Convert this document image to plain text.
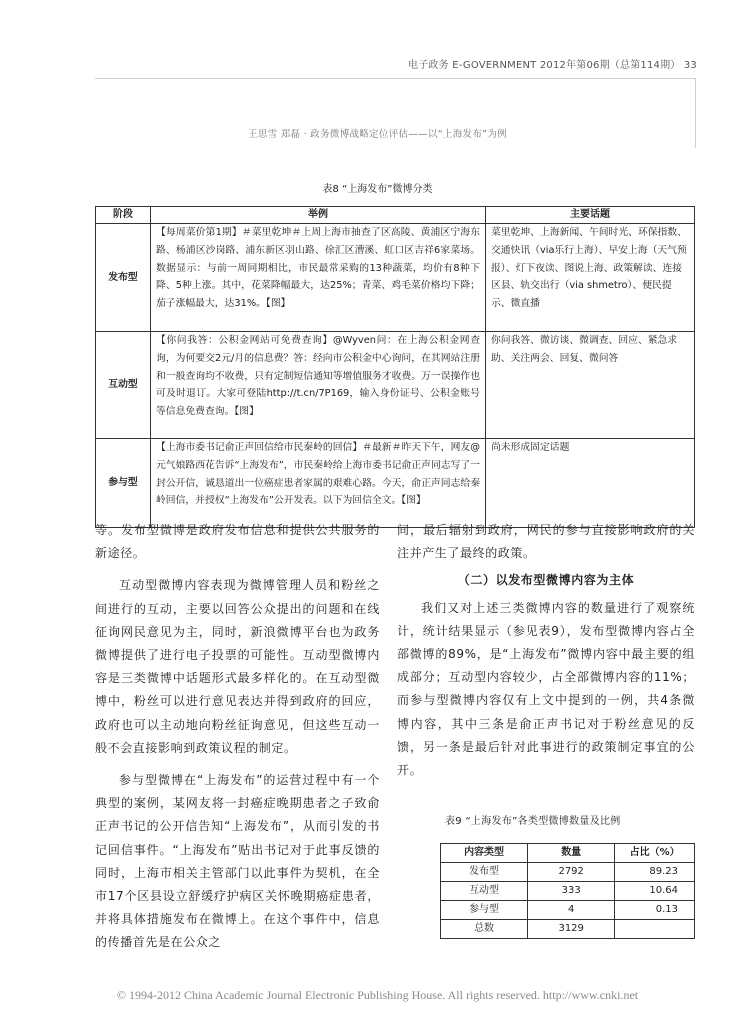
电子政务 E-GOVERNMENT 2012年第06期（总第114期） 33
王思雪 郑磊 · 政务微博战略定位评估——以“上海发布”为例
表8 “上海发布”微博分类
阶段	举例	主要话题
发布型	【每周菜价第1期】＃菜里乾坤＃上周上海市抽查了区高陵、黄浦区宁海东路、杨浦区沙岗路、浦东新区羽山路、徐汇区漕溪、虹口区吉祥6家菜场。数据显示：与前一周同期相比，市民最常采购的13种蔬菜，均价有8种下降、5种上涨。其中，花菜降幅最大，达25%；青菜、鸡毛菜价格均下降；茄子涨幅最大，达31%。【图】	菜里乾坤、上海新闻、午间时光、环保指数、交通快讯（via乐行上海）、早安上海（天气预报）、灯下夜读、图说上海、政策解读、连接区县、轨交出行（via shmetro）、便民提示、微直播
互动型	【你问我答：公积金网站可免费查询】@Wyven问：在上海公积金网查询，为何要交2元/月的信息费？答：经向市公积金中心询问，在其网站注册和一般查询均不收费，只有定制短信通知等增值服务才收费。万一误操作也可及时退订。大家可登陆http://t.cn/7P169，输入身份证号、公积金账号等信息免费查询。【图】	你问我答、微访谈、微调查、回应、紧急求助、关注两会、回复、微问答
参与型	【上海市委书记俞正声回信给市民秦岭的回信】＃最新＃昨天下午，网友@元气娘路西花告诉“上海发布”，市民秦岭给上海市委书记俞正声同志写了一封公开信，诚恳道出一位癌症患者家属的艰难心路。今天，俞正声同志给秦岭回信，并授权“上海发布”公开发表。以下为回信全文。【图】	尚未形成固定话题

等。发布型微博是政府发布信息和提供公共服务的新途径。

互动型微博内容表现为微博管理人员和粉丝之间进行的互动，主要以回答公众提出的问题和在线征询网民意见为主，同时，新浪微博平台也为政务微博提供了进行电子投票的可能性。互动型微博内容是三类微博中话题形式最多样化的。在互动型微博中，粉丝可以进行意见表达并得到政府的回应，政府也可以主动地向粉丝征询意见，但这些互动一般不会直接影响到政策议程的制定。

参与型微博在“上海发布”的运营过程中有一个典型的案例，某网友将一封癌症晚期患者之子致俞正声书记的公开信告知“上海发布”，从而引发的书记回信事件。“上海发布”贴出书记对于此事反馈的同时，上海市相关主管部门以此事件为契机，在全市17个区县设立舒缓疗护病区关怀晚期癌症患者，并将具体措施发布在微博上。在这个事件中，信息的传播首先是在公众之

间，最后辐射到政府，网民的参与直接影响政府的关注并产生了最终的政策。

（二）以发布型微博内容为主体

我们又对上述三类微博内容的数量进行了观察统计，统计结果显示（参见表9），发布型微博内容占全部微博的89%，是“上海发布”微博内容中最主要的组成部分；互动型内容较少，占全部微博内容的11%；而参与型微博内容仅有上文中提到的一例，共4条微博内容，其中三条是俞正声书记对于粉丝意见的反馈，另一条是最后针对此事进行的政策制定事宜的公开。

表9 “上海发布”各类型微博数量及比例
内容类型	数量	占比（%）
发布型	2792	89.23
互动型	333	10.64
参与型	4	0.13
总数	3129	
© 1994-2012 China Academic Journal Electronic Publishing House. All rights reserved. http://www.cnki.net
